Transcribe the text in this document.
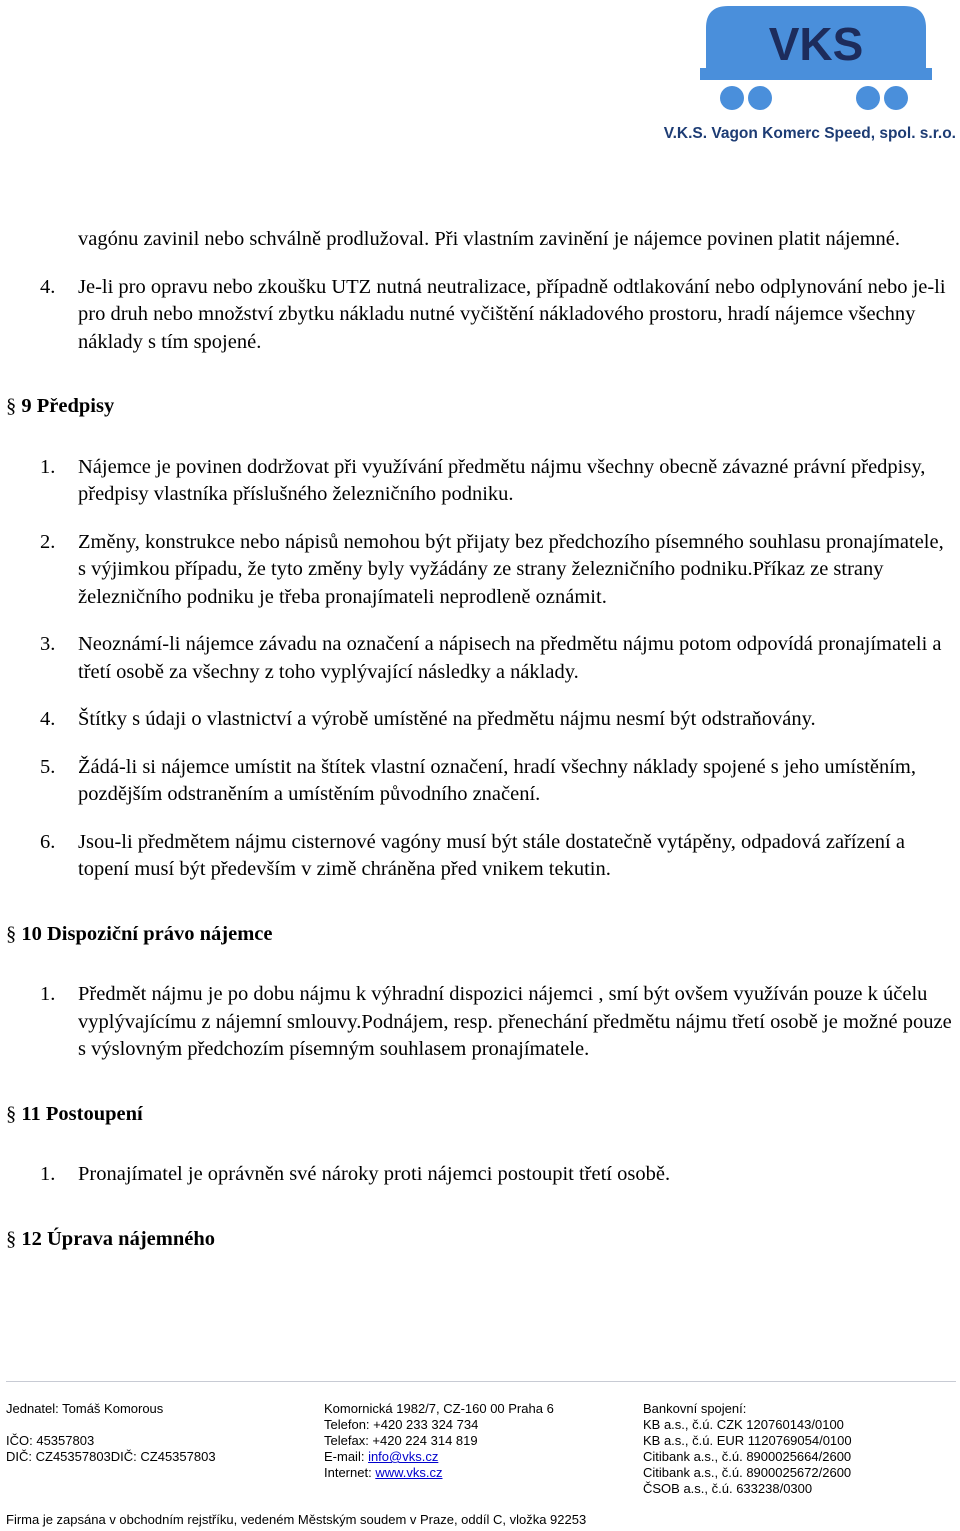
VKS
V.K.S. Vagon Komerc Speed, spol. s.r.o.
vagónu zavinil nebo schválně prodlužoval. Při vlastním zavinění je nájemce povinen platit nájemné.
4. Je-li pro opravu nebo zkoušku UTZ nutná neutralizace, případně odtlakování nebo odplynování nebo je-li pro druh nebo množství zbytku nákladu nutné vyčištění nákladového prostoru, hradí nájemce všechny náklady s tím spojené.
§ 9 Předpisy
1. Nájemce je povinen dodržovat při využívání předmětu nájmu všechny obecně závazné právní předpisy, předpisy vlastníka příslušného železničního podniku.
2. Změny, konstrukce nebo nápisů nemohou být přijaty bez předchozího písemného souhlasu pronajímatele, s výjimkou případu, že tyto změny byly vyžádány ze strany železničního podniku.Příkaz ze strany železničního podniku je třeba pronajímateli neprodleně oznámit.
3. Neoznámí-li nájemce závadu na označení a nápisech na předmětu nájmu potom odpovídá pronajímateli a třetí osobě za všechny z toho vyplývající následky a náklady.
4. Štítky s údaji o vlastnictví a výrobě umístěné na předmětu nájmu nesmí být odstraňovány.
5. Žádá-li si nájemce umístit na štítek vlastní označení, hradí všechny náklady spojené s jeho umístěním, pozdějším odstraněním a umístěním původního značení.
6. Jsou-li předmětem nájmu cisternové vagóny musí být stále dostatečně vytápěny, odpadová zařízení a topení musí být především v zimě chráněna před vnikem tekutin.
§ 10 Dispoziční právo nájemce
1. Předmět nájmu je po dobu nájmu k výhradní dispozici nájemci , smí být ovšem využíván pouze k účelu vyplývajícímu z nájemní smlouvy.Podnájem, resp. přenechání předmětu nájmu třetí osobě je možné pouze s výslovným předchozím písemným souhlasem pronajímatele.
§ 11 Postoupení
1. Pronajímatel je oprávněn své nároky proti nájemci postoupit třetí osobě.
§ 12 Úprava nájemného
Jednatel: Tomáš Komorous
IČO: 45357803
DIČ: CZ45357803DIČ: CZ45357803
Komornická 1982/7, CZ-160 00 Praha 6
Telefon: +420 233 324 734
Telefax: +420 224 314 819
E-mail: info@vks.cz
Internet: www.vks.cz
Bankovní spojení:
KB a.s., č.ú. CZK 120760143/0100
KB a.s., č.ú. EUR 1120769054/0100
Citibank a.s., č.ú. 8900025664/2600
Citibank a.s., č.ú. 8900025672/2600
ČSOB a.s., č.ú. 633238/0300
Firma je zapsána v obchodním rejstříku, vedeném Městským soudem v Praze, oddíl C, vložka 92253
